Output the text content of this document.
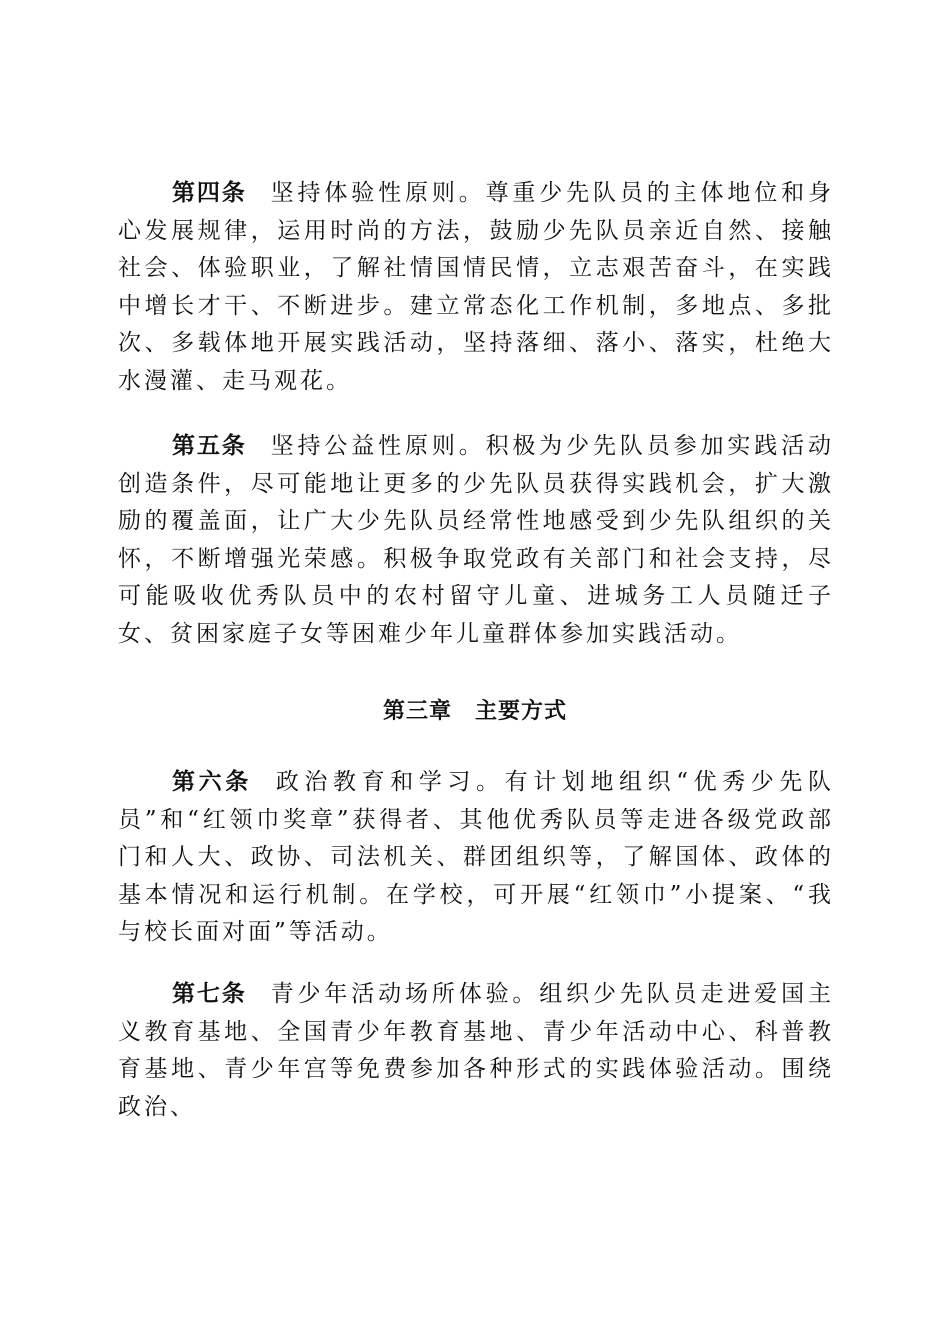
第四条 坚持体验性原则。尊重少先队员的主体地位和身心发展规律，运用时尚的方法，鼓励少先队员亲近自然、接触社会、体验职业，了解社情国情民情，立志艰苦奋斗，在实践中增长才干、不断进步。建立常态化工作机制，多地点、多批次、多载体地开展实践活动，坚持落细、落小、落实，杜绝大水漫灌、走马观花。

第五条 坚持公益性原则。积极为少先队员参加实践活动创造条件，尽可能地让更多的少先队员获得实践机会，扩大激励的覆盖面，让广大少先队员经常性地感受到少先队组织的关怀，不断增强光荣感。积极争取党政有关部门和社会支持，尽可能吸收优秀队员中的农村留守儿童、进城务工人员随迁子女、贫困家庭子女等困难少年儿童群体参加实践活动。

第三章　主要方式

第六条 政治教育和学习。有计划地组织“优秀少先队员”和“红领巾奖章”获得者、其他优秀队员等走进各级党政部门和人大、政协、司法机关、群团组织等，了解国体、政体的基本情况和运行机制。在学校，可开展“红领巾”小提案、“我与校长面对面”等活动。

第七条 青少年活动场所体验。组织少先队员走进爱国主义教育基地、全国青少年教育基地、青少年活动中心、科普教育基地、青少年宫等免费参加各种形式的实践体验活动。围绕政治、
